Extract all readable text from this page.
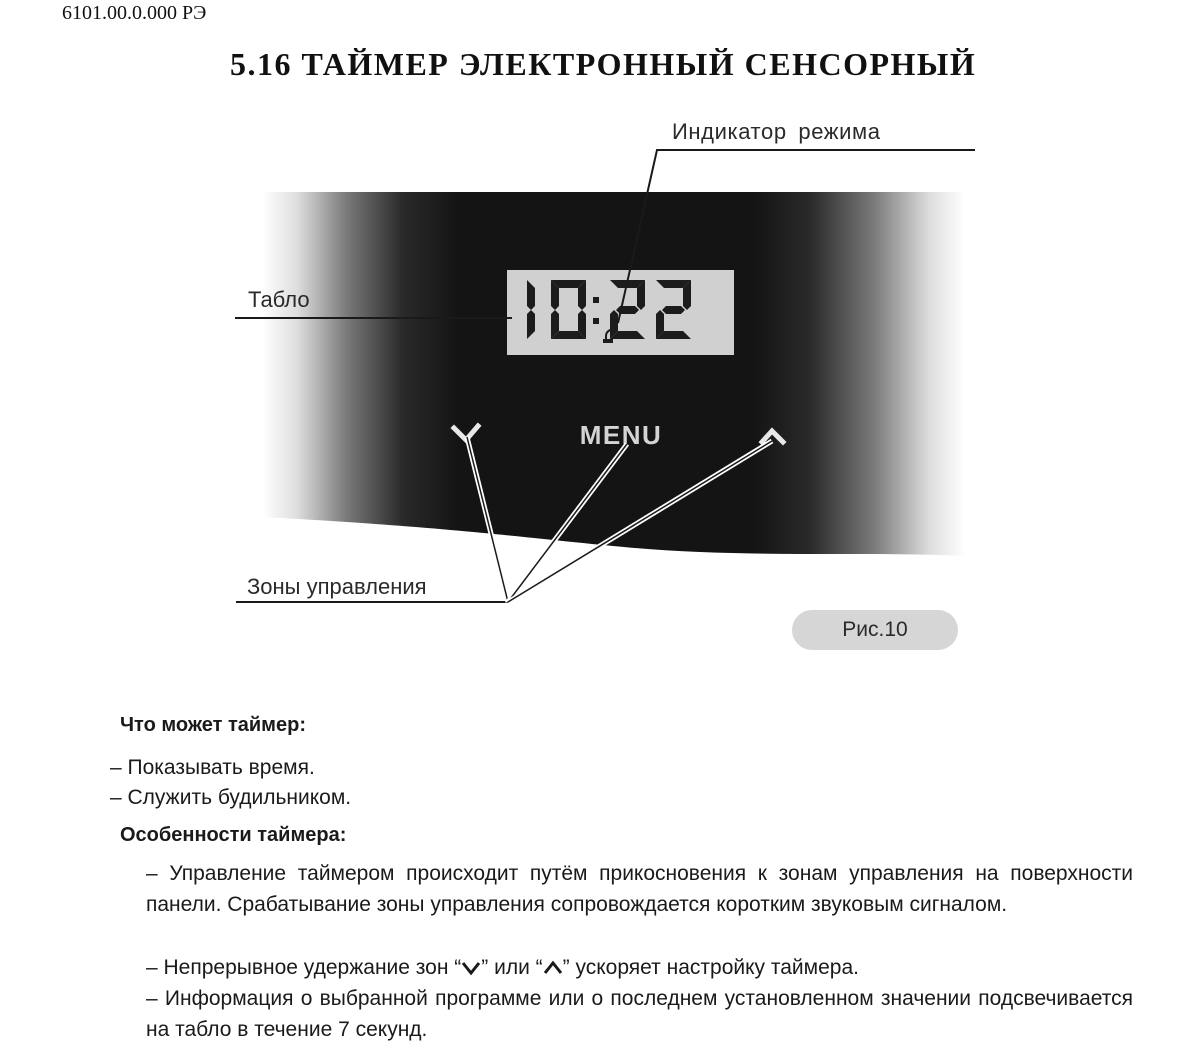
6101.00.0.000 РЭ
5.16 ТАЙМЕР ЭЛЕКТРОННЫЙ СЕНСОРНЫЙ
MENU
Индикатор режима
Табло
Зоны управления
Рис.10
Что может таймер:
– Показывать время.
– Служить будильником.
Особенности таймера:
– Управление таймером происходит путём прикосновения к зонам управления на поверхности панели. Срабатывание зоны управления сопровождается коротким звуковым сигналом.
– Непрерывное удержание зон “ ” или “ ” ускоряет настройку таймера.
– Информация о выбранной программе или о последнем установленном значении подсвечивается на табло в течение 7 секунд.
